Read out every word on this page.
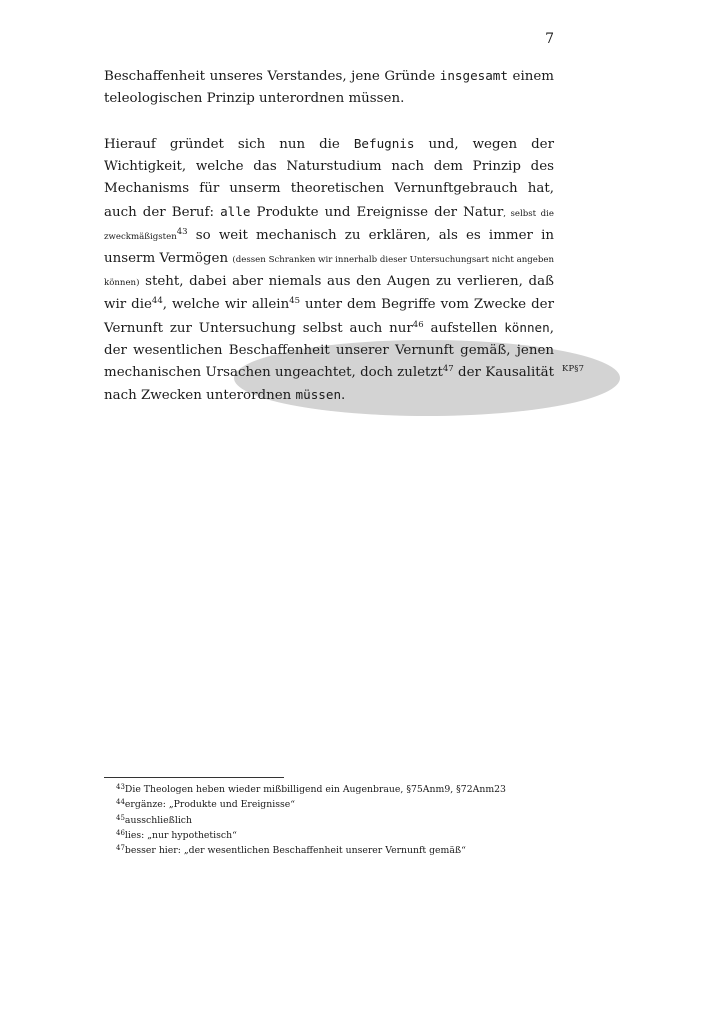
7

Beschaffenheit unseres Verstandes, jene Gründe insgesamt einem teleologischen Prinzip unterordnen müssen.

Hierauf gründet sich nun die Befugnis und, wegen der Wichtigkeit, welche das Naturstudium nach dem Prinzip des Mechanisms für unserm theoretischen Vernunftgebrauch hat, auch der Beruf: alle Produkte und Ereignisse der Natur, selbst die zweckmäßigsten$^{43}$ so weit mechanisch zu erklären, als es immer in unserm Vermögen (dessen Schranken wir innerhalb dieser Untersuchungsart nicht angeben können) steht, dabei aber niemals aus den Augen zu verlieren, daß wir die$^{44}$, welche wir allein$^{45}$ unter dem Begriffe vom Zwecke der Vernunft zur Untersuchung selbst auch nur$^{46}$ aufstellen können, der wesentlichen Beschaffenheit unserer Vernunft gemäß, jenen mechanischen Ursachen ungeachtet, doch zuletzt$^{47}$ der Kausalität nach Zwecken unterordnen müssen.

KP§7
$^{43}$Die Theologen heben wieder mißbilligend ein Augenbraue, §75Anm9, §72Anm23
$^{44}$ergänze: „Produkte und Ereignisse“
$^{45}$ausschließlich
$^{46}$lies: „nur hypothetisch“
$^{47}$besser hier: „der wesentlichen Beschaffenheit unserer Vernunft gemäß“
